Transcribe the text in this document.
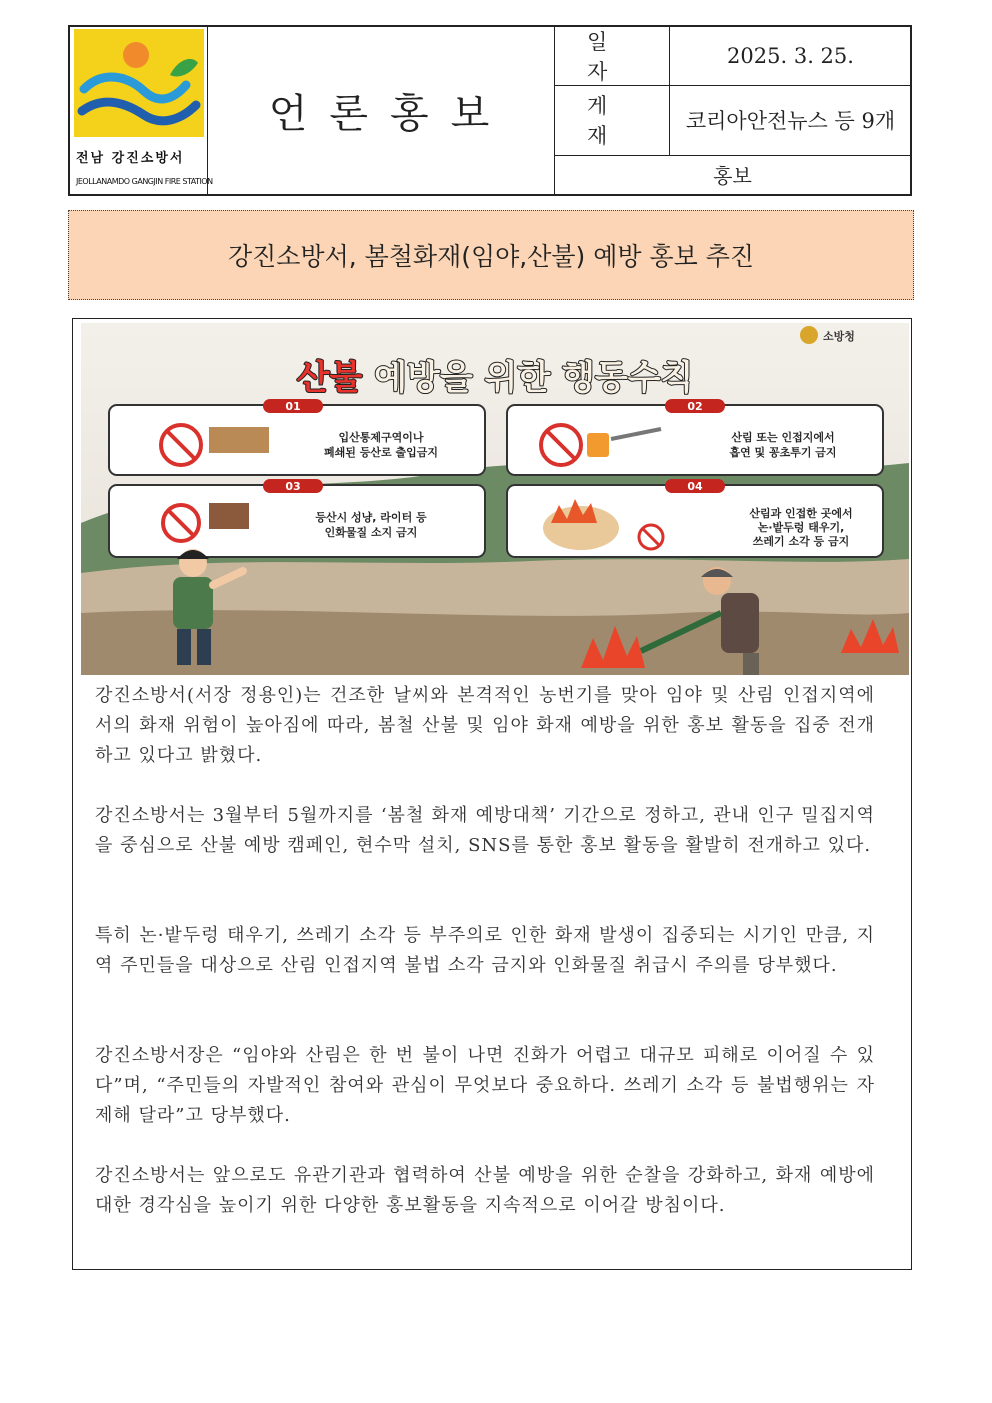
전남 강진소방서
JEOLLANAMDO GANGJIN FIRE STATION
언론홍보
일자
2025. 3. 25.
게재
코리아안전뉴스 등 9개
홍보
강진소방서, 봄철화재(임야,산불) 예방 홍보 추진
소방청
산불 예방을 위한 행동수칙
01
입산통제구역이나
폐쇄된 등산로 출입금지
02
산림 또는 인접지에서
흡연 및 꽁초투기 금지
03
등산시 성냥, 라이터 등
인화물질 소지 금지
04
산림과 인접한 곳에서
논·밭두렁 태우기,
쓰레기 소각 등 금지
강진소방서(서장 정용인)는 건조한 날씨와 본격적인 농번기를 맞아 임야 및 산림 인접지역에서의 화재 위험이 높아짐에 따라, 봄철 산불 및 임야 화재 예방을 위한 홍보 활동을 집중 전개하고 있다고 밝혔다.
강진소방서는 3월부터 5월까지를 ‘봄철 화재 예방대책’ 기간으로 정하고, 관내 인구 밀집지역을 중심으로 산불 예방 캠페인, 현수막 설치, SNS를 통한 홍보 활동을 활발히 전개하고 있다.
특히 논·밭두렁 태우기, 쓰레기 소각 등 부주의로 인한 화재 발생이 집중되는 시기인 만큼, 지역 주민들을 대상으로 산림 인접지역 불법 소각 금지와 인화물질 취급시 주의를 당부했다.
강진소방서장은 “임야와 산림은 한 번 불이 나면 진화가 어렵고 대규모 피해로 이어질 수 있다”며, “주민들의 자발적인 참여와 관심이 무엇보다 중요하다. 쓰레기 소각 등 불법행위는 자제해 달라”고 당부했다.
강진소방서는 앞으로도 유관기관과 협력하여 산불 예방을 위한 순찰을 강화하고, 화재 예방에 대한 경각심을 높이기 위한 다양한 홍보활동을 지속적으로 이어갈 방침이다.
